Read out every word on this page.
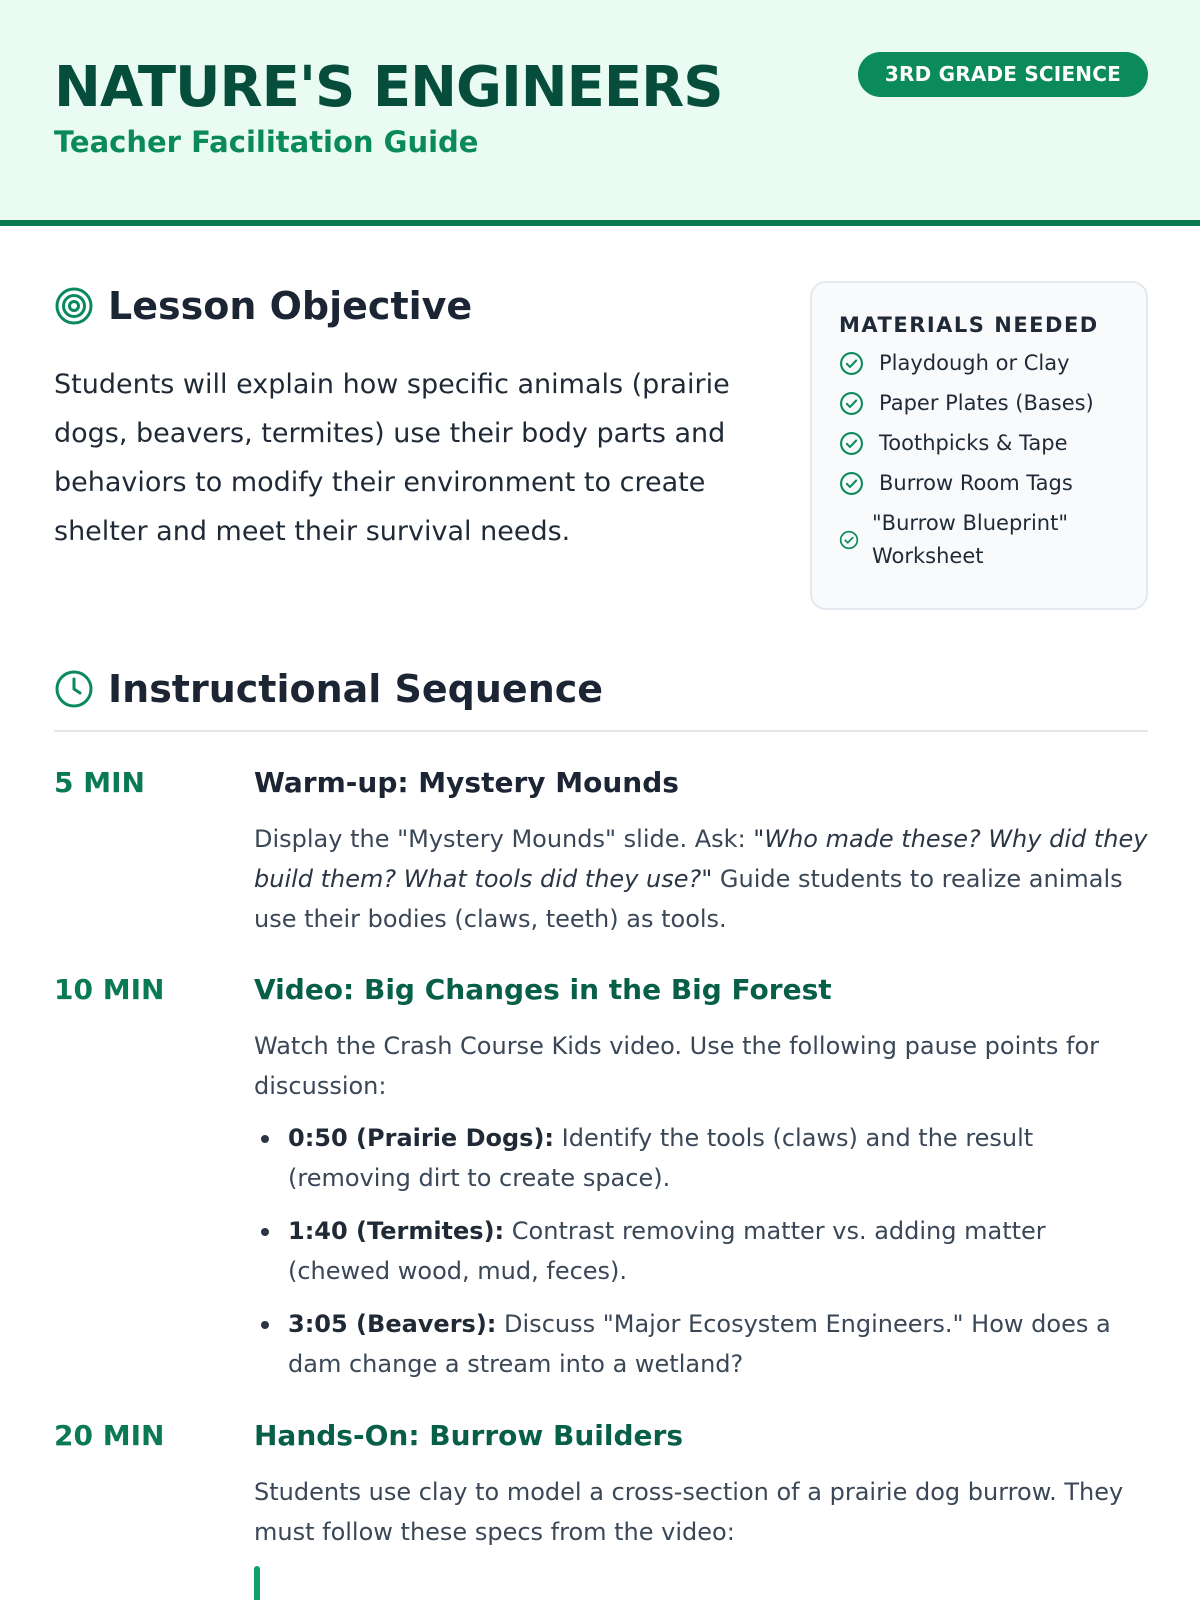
NATURE'S ENGINEERS
Teacher Facilitation Guide
3RD GRADE SCIENCE
Lesson Objective

Students will explain how specific animals (prairie dogs, beavers, termites) use their body parts and behaviors to modify their environment to create shelter and meet their survival needs.

MATERIALS NEEDED
Playdough or Clay
Paper Plates (Bases)
Toothpicks & Tape
Burrow Room Tags
"Burrow Blueprint" Worksheet
Instructional Sequence
5 MIN	Warm-up: Mystery Mounds

Display the "Mystery Mounds" slide. Ask: "Who made these? Why did they build them? What tools did they use?" Guide students to realize animals use their bodies (claws, teeth) as tools.

10 MIN	Video: Big Changes in the Big Forest

Watch the Crash Course Kids video. Use the following pause points for discussion:

0:50 (Prairie Dogs): Identify the tools (claws) and the result (removing dirt to create space).
1:40 (Termites): Contrast removing matter vs. adding matter (chewed wood, mud, feces).
3:05 (Beavers): Discuss "Major Ecosystem Engineers." How does a dam change a stream into a wetland?
20 MIN	Hands-On: Burrow Builders

Students use clay to model a cross-section of a prairie dog burrow. They must follow these specs from the video:
